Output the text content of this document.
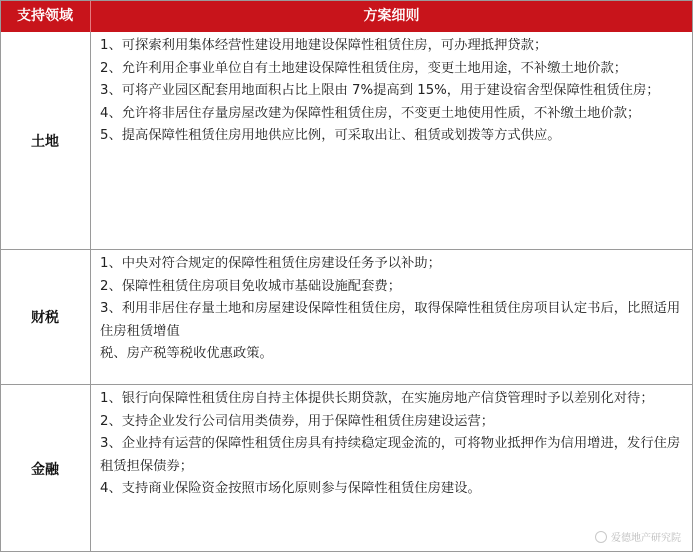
支持领域	方案细则
土地

1、可探索利用集体经营性建设用地建设保障性租赁住房，可办理抵押贷款；

2、允许利用企事业单位自有土地建设保障性租赁住房，变更土地用途，不补缴土地价款；

3、可将产业园区配套用地面积占比上限由 7%提高到 15%，用于建设宿舍型保障性租赁住房；

4、允许将非居住存量房屋改建为保障性租赁住房，不变更土地使用性质，不补缴土地价款；

5、提高保障性租赁住房用地供应比例，可采取出让、租赁或划拨等方式供应。

财税

1、中央对符合规定的保障性租赁住房建设任务予以补助；

2、保障性租赁住房项目免收城市基础设施配套费；

3、利用非居住存量土地和房屋建设保障性租赁住房，取得保障性租赁住房项目认定书后，比照适用住房租赁增值

税、房产税等税收优惠政策。

金融

1、银行向保障性租赁住房自持主体提供长期贷款，在实施房地产信贷管理时予以差别化对待；

2、支持企业发行公司信用类债券，用于保障性租赁住房建设运营；

3、企业持有运营的保障性租赁住房具有持续稳定现金流的，可将物业抵押作为信用增进，发行住房租赁担保债券；

4、支持商业保险资金按照市场化原则参与保障性租赁住房建设。

爱德地产研究院
